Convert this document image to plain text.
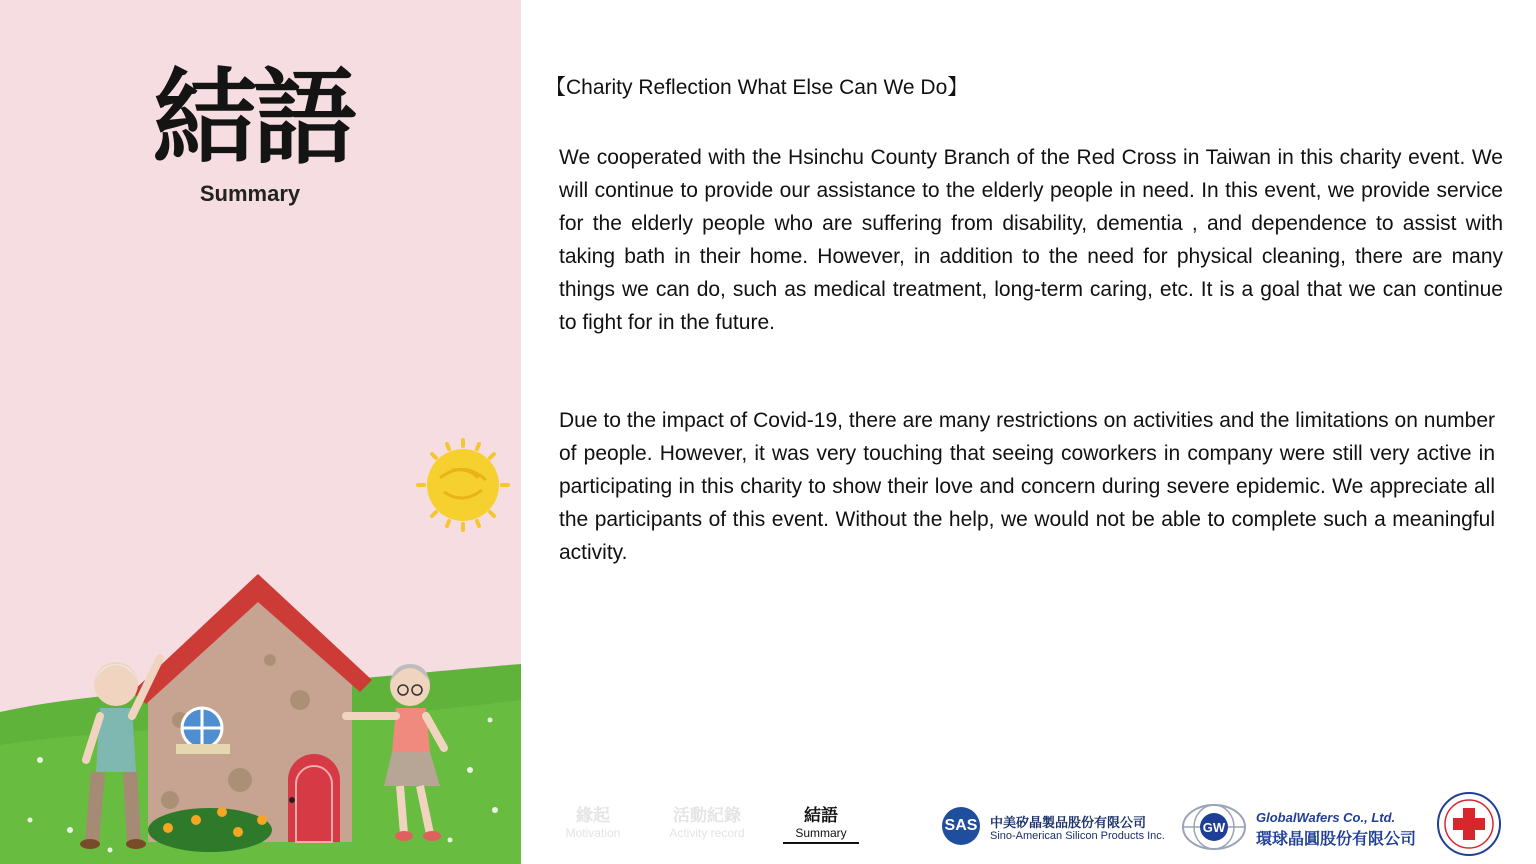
結語
Summary
【Charity Reflection What Else Can We Do】

We cooperated with the Hsinchu County Branch of the Red Cross in Taiwan in this charity event. We will continue to provide our assistance to the elderly people in need. In this event, we provide service for the elderly people who are suffering from disability, dementia , and dependence to assist with taking bath in their home. However, in addition to the need for physical cleaning, there are many things we can do, such as medical treatment, long-term caring, etc. It is a goal that we can continue to fight for in the future.

Due to the impact of Covid-19, there are many restrictions on activities and the limitations on number of people. However, it was very touching that seeing coworkers in company were still very active in participating in this charity to show their love and concern during severe epidemic. We appreciate all the participants of this event. Without the help, we would not be able to complete such a meaningful activity.

緣起
Motivation
活動紀錄
Activity record
結語
Summary	SAS 中美矽晶製品股份有限公司
Sino-American Silicon Products Inc.
GW
GlobalWafers Co., Ltd.
環球晶圓股份有限公司
